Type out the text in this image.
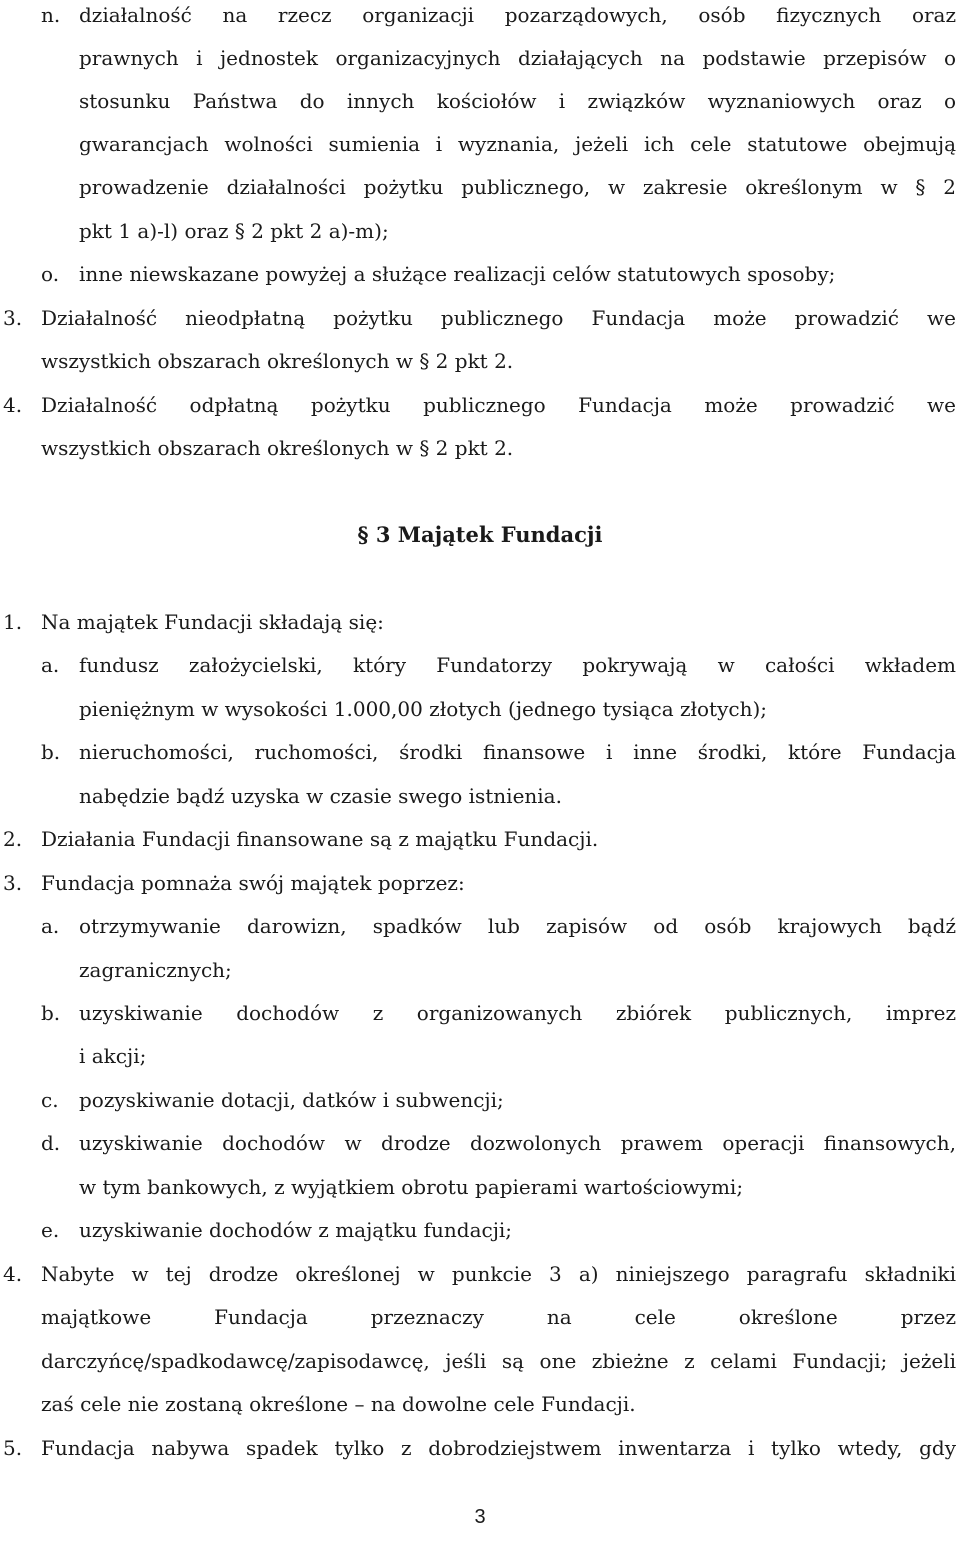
n. działalność na rzecz organizacji pozarządowych, osób fizycznych oraz
prawnych i jednostek organizacyjnych działających na podstawie przepisów o
stosunku Państwa do innych kościołów i związków wyznaniowych oraz o
gwarancjach wolności sumienia i wyznania, jeżeli ich cele statutowe obejmują
prowadzenie działalności pożytku publicznego, w zakresie określonym w § 2
pkt 1 a)-l) oraz § 2 pkt 2 a)-m);
o. inne niewskazane powyżej a służące realizacji celów statutowych sposoby;
3. Działalność nieodpłatną pożytku publicznego Fundacja może prowadzić we
wszystkich obszarach określonych w § 2 pkt 2.
4. Działalność odpłatną pożytku publicznego Fundacja może prowadzić we
wszystkich obszarach określonych w § 2 pkt 2.
§ 3 Majątek Fundacji
1. Na majątek Fundacji składają się:
a. fundusz założycielski, który Fundatorzy pokrywają w całości wkładem
pieniężnym w wysokości 1.000,00 złotych (jednego tysiąca złotych);
b. nieruchomości, ruchomości, środki finansowe i inne środki, które Fundacja
nabędzie bądź uzyska w czasie swego istnienia.
2. Działania Fundacji finansowane są z majątku Fundacji.
3. Fundacja pomnaża swój majątek poprzez:
a. otrzymywanie darowizn, spadków lub zapisów od osób krajowych bądź
zagranicznych;
b. uzyskiwanie dochodów z organizowanych zbiórek publicznych, imprez
i akcji;
c. pozyskiwanie dotacji, datków i subwencji;
d. uzyskiwanie dochodów w drodze dozwolonych prawem operacji finansowych,
w tym bankowych, z wyjątkiem obrotu papierami wartościowymi;
e. uzyskiwanie dochodów z majątku fundacji;
4. Nabyte w tej drodze określonej w punkcie 3 a) niniejszego paragrafu składniki
majątkowe Fundacja przeznaczy na cele określone przez
darczyńcę/spadkodawcę/zapisodawcę, jeśli są one zbieżne z celami Fundacji; jeżeli
zaś cele nie zostaną określone – na dowolne cele Fundacji.
5. Fundacja nabywa spadek tylko z dobrodziejstwem inwentarza i tylko wtedy, gdy
3
